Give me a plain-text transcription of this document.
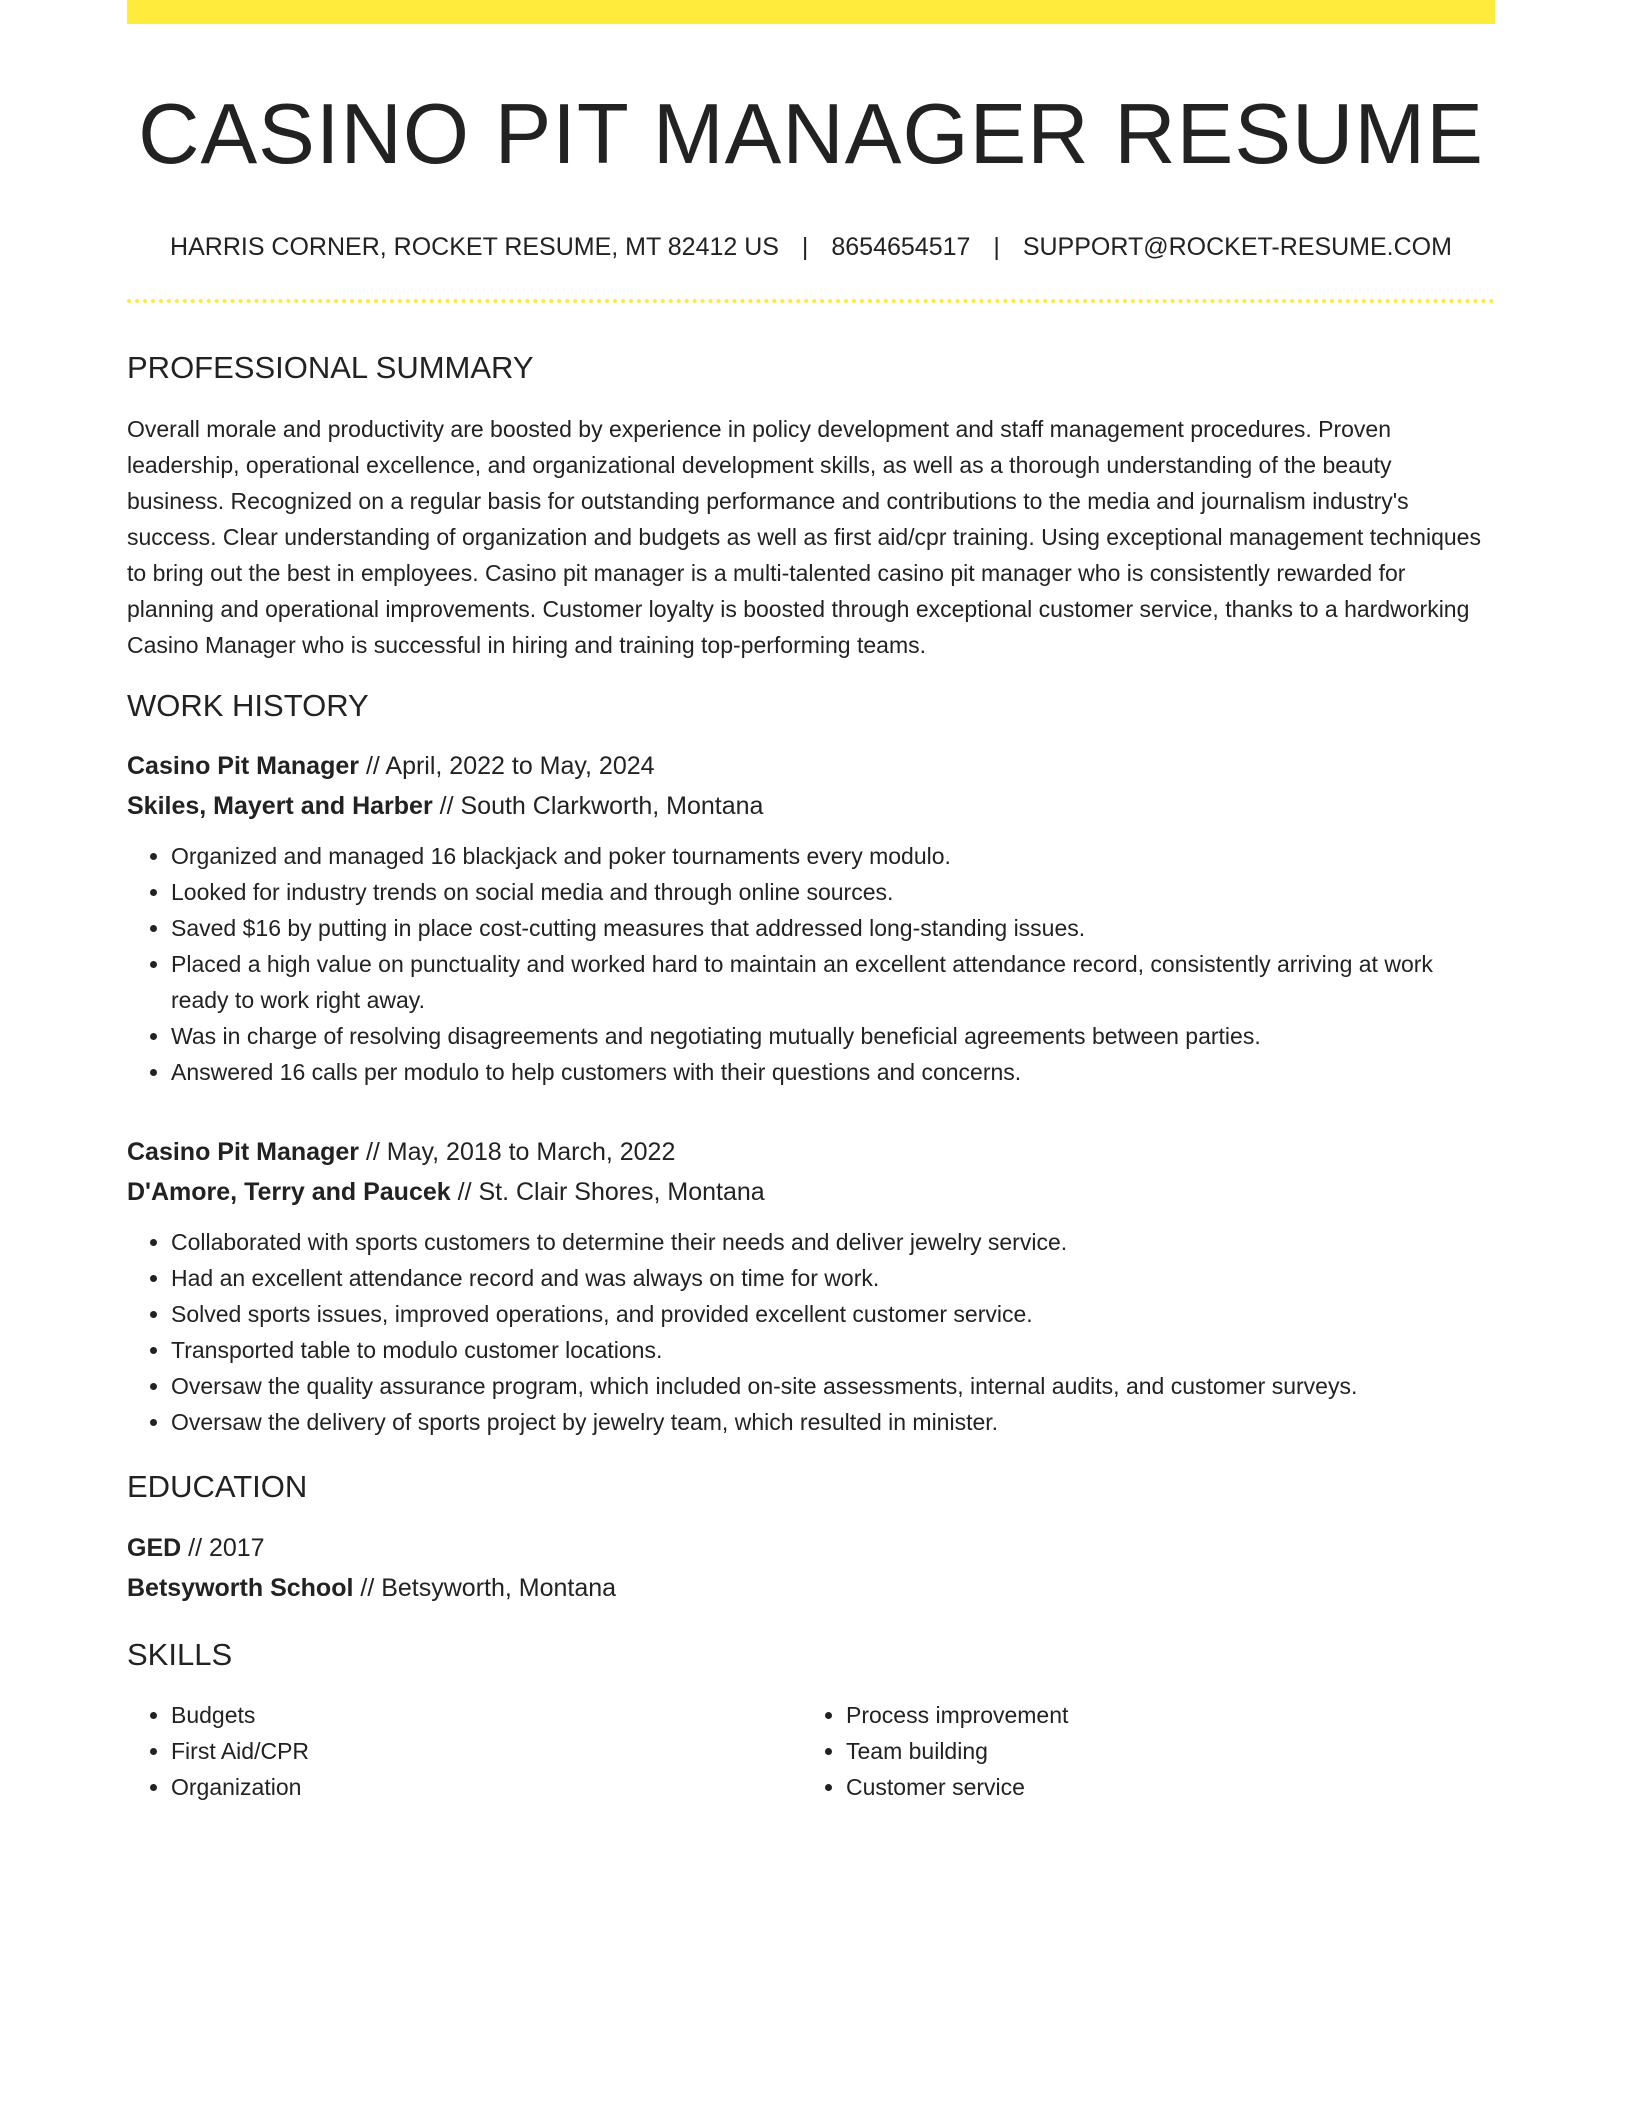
CASINO PIT MANAGER RESUME
HARRIS CORNER, ROCKET RESUME, MT 82412 US | 8654654517 | SUPPORT@ROCKET-RESUME.COM
PROFESSIONAL SUMMARY

Overall morale and productivity are boosted by experience in policy development and staff management procedures. Proven leadership, operational excellence, and organizational development skills, as well as a thorough understanding of the beauty business. Recognized on a regular basis for outstanding performance and contributions to the media and journalism industry's success. Clear understanding of organization and budgets as well as first aid/cpr training. Using exceptional management techniques to bring out the best in employees. Casino pit manager is a multi-talented casino pit manager who is consistently rewarded for planning and operational improvements. Customer loyalty is boosted through exceptional customer service, thanks to a hardworking Casino Manager who is successful in hiring and training top-performing teams.

WORK HISTORY
Casino Pit Manager // April, 2022 to May, 2024
Skiles, Mayert and Harber // South Clarkworth, Montana
• Organized and managed 16 blackjack and poker tournaments every modulo.
• Looked for industry trends on social media and through online sources.
• Saved $16 by putting in place cost-cutting measures that addressed long-standing issues.
• Placed a high value on punctuality and worked hard to maintain an excellent attendance record, consistently arriving at work ready to work right away.
• Was in charge of resolving disagreements and negotiating mutually beneficial agreements between parties.
• Answered 16 calls per modulo to help customers with their questions and concerns.
Casino Pit Manager // May, 2018 to March, 2022
D'Amore, Terry and Paucek // St. Clair Shores, Montana
• Collaborated with sports customers to determine their needs and deliver jewelry service.
• Had an excellent attendance record and was always on time for work.
• Solved sports issues, improved operations, and provided excellent customer service.
• Transported table to modulo customer locations.
• Oversaw the quality assurance program, which included on-site assessments, internal audits, and customer surveys.
• Oversaw the delivery of sports project by jewelry team, which resulted in minister.
EDUCATION
GED // 2017
Betsyworth School // Betsyworth, Montana
SKILLS
• Budgets
• First Aid/CPR
• Organization
• Process improvement
• Team building
• Customer service
